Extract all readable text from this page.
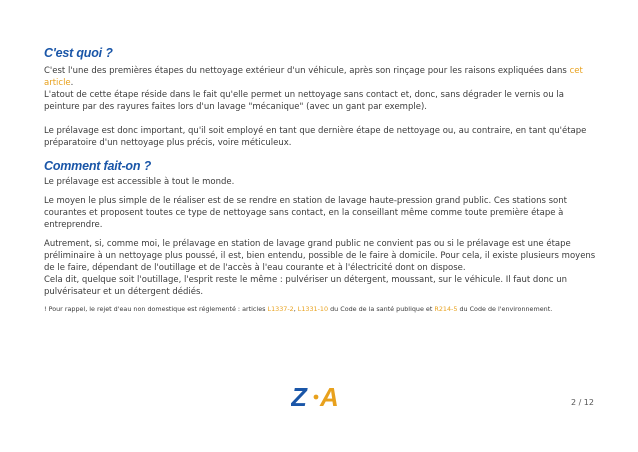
C'est quoi ?

C'est l'une des premières étapes du nettoyage extérieur d'un véhicule, après son rinçage pour les raisons expliquées dans cet
article.
L'atout de cette étape réside dans le fait qu'elle permet un nettoyage sans contact et, donc, sans dégrader le vernis ou la peinture par des rayures faites lors d'un lavage "mécanique" (avec un gant par exemple).

Le prélavage est donc important, qu'il soit employé en tant que dernière étape de nettoyage ou, au contraire, en tant qu'étape préparatoire d'un nettoyage plus précis, voire méticuleux.

Comment fait-on ?

Le prélavage est accessible à tout le monde.

Le moyen le plus simple de le réaliser est de se rendre en station de lavage haute-pression grand public. Ces stations sont courantes et proposent toutes ce type de nettoyage sans contact, en la conseillant même comme toute première étape à entreprendre.

Autrement, si, comme moi, le prélavage en station de lavage grand public ne convient pas ou si le prélavage est une étape préliminaire à un nettoyage plus poussé, il est, bien entendu, possible de le faire à domicile. Pour cela, il existe plusieurs moyens de le faire, dépendant de l'outillage et de l'accès à l'eau courante et à l'électricité dont on dispose.

Cela dit, quelque soit l'outillage, l'esprit reste le même : pulvériser un détergent, moussant, sur le véhicule. Il faut donc un pulvérisateur et un détergent dédiés.

! Pour rappel, le rejet d'eau non domestique est réglementé : articles L1337-2, L1331-10 du Code de la santé publique et R214-5 du Code de l'environnement.

Z A	2 / 12
